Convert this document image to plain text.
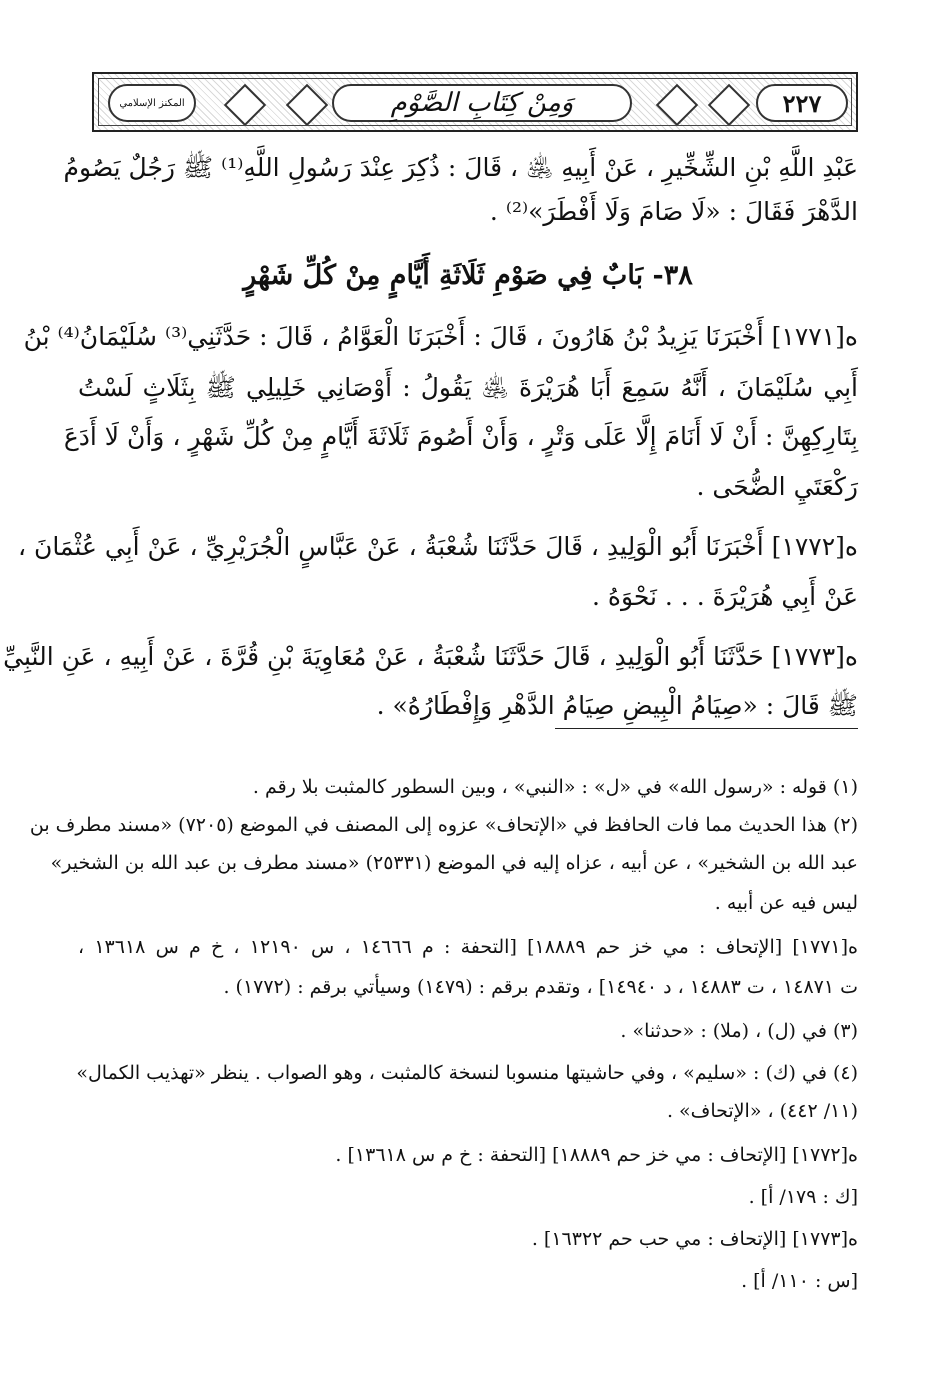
المكنز الإسلامي	وَمِنْ كِتَابِ الصَّوْمِ	٢٢٧
عَبْدِ اللَّهِ بْنِ الشِّخِّيرِ ، عَنْ أَبِيهِ ﵁ ، قَالَ : ذُكِرَ عِنْدَ رَسُولِ اللَّهِ⁽¹⁾ ﷺ رَجُلٌ يَصُومُ
الدَّهْرَ فَقَالَ : «لَا صَامَ وَلَا أَفْطَرَ»⁽²⁾ .
٣٨- بَابٌ فِي صَوْمِ ثَلَاثَةِ أَيَّامٍ مِنْ كُلِّ شَهْرٍ
ه[١٧٧١] أَخْبَرَنَا يَزِيدُ بْنُ هَارُونَ ، قَالَ : أَخْبَرَنَا الْعَوَّامُ ، قَالَ : حَدَّثَنِي⁽³⁾ سُلَيْمَانُ⁽⁴⁾ بْنُ
أَبِي سُلَيْمَانَ ، أَنَّهُ سَمِعَ أَبَا هُرَيْرَةَ ﵁ يَقُولُ : أَوْصَانِي خَلِيلِي ﷺ بِثَلَاثٍ لَسْتُ
بِتَارِكِهِنَّ : أَنْ لَا أَنَامَ إِلَّا عَلَى وَتْرٍ ، وَأَنْ أَصُومَ ثَلَاثَةَ أَيَّامٍ مِنْ كُلِّ شَهْرٍ ، وَأَنْ لَا أَدَعَ
رَكْعَتَيِ الضُّحَى .
ه[١٧٧٢] أَخْبَرَنَا أَبُو الْوَلِيدِ ، قَالَ حَدَّثَنَا شُعْبَةُ ، عَنْ عَبَّاسٍ الْجُرَيْرِيِّ ، عَنْ أَبِي عُثْمَانَ ،
عَنْ أَبِي هُرَيْرَةَ . . . نَحْوَهُ .
ه[١٧٧٣] حَدَّثَنَا أَبُو الْوَلِيدِ ، قَالَ حَدَّثَنَا شُعْبَةُ ، عَنْ مُعَاوِيَةَ بْنِ قُرَّةَ ، عَنْ أَبِيهِ ، عَنِ النَّبِيِّ
ﷺ قَالَ : «صِيَامُ الْبِيضِ صِيَامُ الدَّهْرِ وَإِفْطَارُهُ» .
(١) قوله : «رسول الله» في «ل» : «النبي» ، وبين السطور كالمثبت بلا رقم .
(٢) هذا الحديث مما فات الحافظ في «الإتحاف» عزوه إلى المصنف في الموضع (٧٢٠٥) «مسند مطرف بن
عبد الله بن الشخير» ، عن أبيه ، عزاه إليه في الموضع (٢٥٣٣١) «مسند مطرف بن عبد الله بن الشخير»
ليس فيه عن أبيه .
ه[١٧٧١] [الإتحاف : مي خز حم ١٨٨٨٩] [التحفة : م ١٤٦٦٦ ، س ١٢١٩٠ ، خ م س ١٣٦١٨ ،
ت ١٤٨٧١ ، ت ١٤٨٨٣ ، د ١٤٩٤٠] ، وتقدم برقم : (١٤٧٩) وسيأتي برقم : (١٧٧٢) .
(٣) في (ل) ، (ملا) : «حدثنا» .
(٤) في (ك) : «سليم» ، وفي حاشيتها منسوبا لنسخة كالمثبت ، وهو الصواب . ينظر «تهذيب الكمال»
(١١/ ٤٤٢) ، «الإتحاف» .
ه[١٧٧٢] [الإتحاف : مي خز حم ١٨٨٨٩] [التحفة : خ م س ١٣٦١٨] .
[ك : ١٧٩/ أ] .
ه[١٧٧٣] [الإتحاف : مي حب حم ١٦٣٢٢] .
[س : ١١٠/ أ] .
